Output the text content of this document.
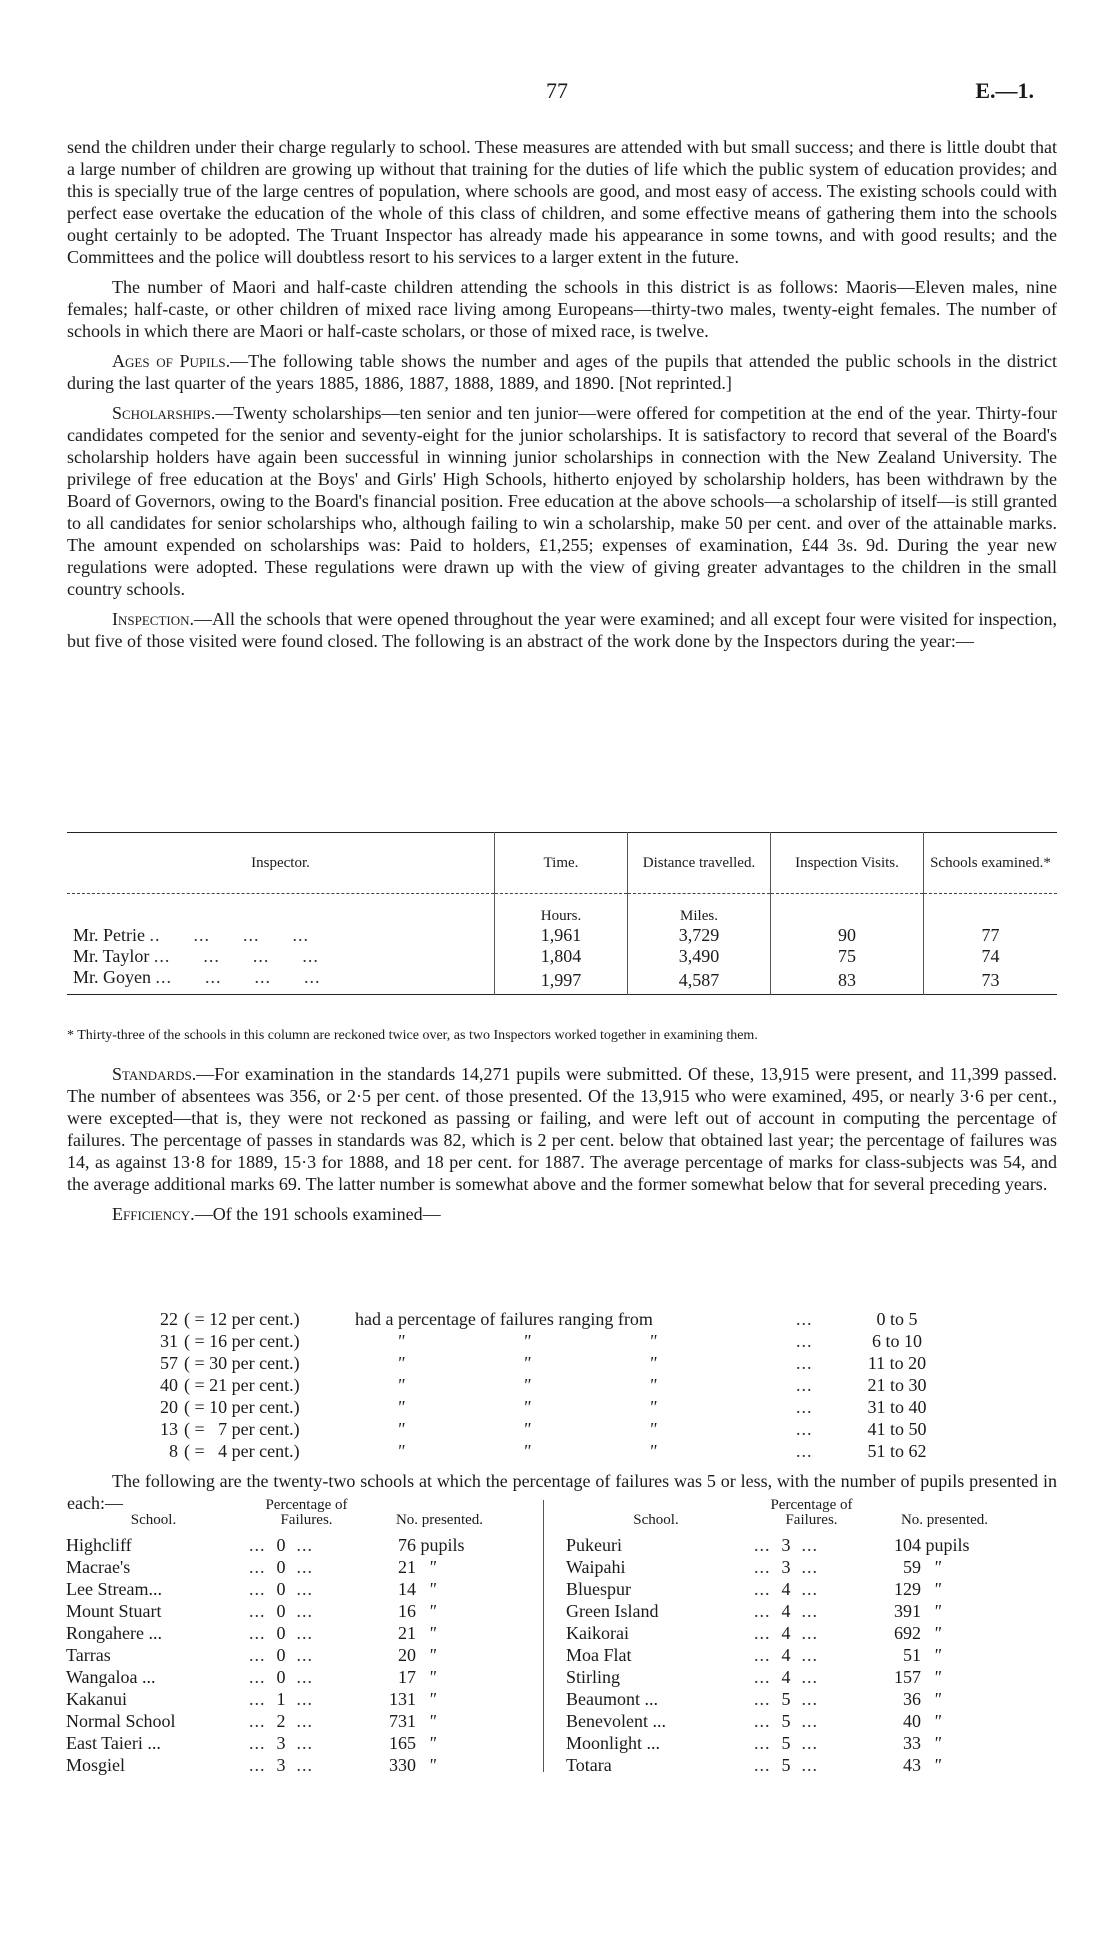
77	E.—1.

send the children under their charge regularly to school. These measures are attended with but small success; and there is little doubt that a large number of children are growing up without that training for the duties of life which the public system of education provides; and this is specially true of the large centres of population, where schools are good, and most easy of access. The existing schools could with perfect ease overtake the education of the whole of this class of children, and some effective means of gathering them into the schools ought certainly to be adopted. The Truant Inspector has already made his appearance in some towns, and with good results; and the Committees and the police will doubtless resort to his services to a larger extent in the future.

The number of Maori and half-caste children attending the schools in this district is as follows: Maoris—Eleven males, nine females; half-caste, or other children of mixed race living among Europeans—thirty-two males, twenty-eight females. The number of schools in which there are Maori or half-caste scholars, or those of mixed race, is twelve.

Ages of Pupils.—The following table shows the number and ages of the pupils that attended the public schools in the district during the last quarter of the years 1885, 1886, 1887, 1888, 1889, and 1890. [Not reprinted.]

Scholarships.—Twenty scholarships—ten senior and ten junior—were offered for competition at the end of the year. Thirty-four candidates competed for the senior and seventy-eight for the junior scholarships. It is satisfactory to record that several of the Board's scholarship holders have again been successful in winning junior scholarships in connection with the New Zealand University. The privilege of free education at the Boys' and Girls' High Schools, hitherto enjoyed by scholarship holders, has been withdrawn by the Board of Governors, owing to the Board's financial position. Free education at the above schools—a scholarship of itself—is still granted to all candidates for senior scholarships who, although failing to win a scholarship, make 50 per cent. and over of the attainable marks. The amount expended on scholarships was: Paid to holders, £1,255; expenses of examination, £44 3s. 9d. During the year new regulations were adopted. These regulations were drawn up with the view of giving greater advantages to the children in the small country schools.

Inspection.—All the schools that were opened throughout the year were examined; and all except four were visited for inspection, but five of those visited were found closed. The following is an abstract of the work done by the Inspectors during the year:—

Inspector.	Time.	Distance travelled.	Inspection Visits.	Schools examined.*
	Hours.	Miles.		
Mr. Petrie ..      ...      ...      ...	1,961	3,729	90	77
Mr. Taylor ...      ...      ...      ...	1,804	3,490	75	74
Mr. Goyen ...      ...      ...      ...	1,997	4,587	83	73
* Thirty-three of the schools in this column are reckoned twice over, as two Inspectors worked together in examining them.

Standards.—For examination in the standards 14,271 pupils were submitted. Of these, 13,915 were present, and 11,399 passed. The number of absentees was 356, or 2·5 per cent. of those presented. Of the 13,915 who were examined, 495, or nearly 3·6 per cent., were excepted—that is, they were not reckoned as passing or failing, and were left out of account in computing the percentage of failures. The percentage of passes in standards was 82, which is 2 per cent. below that obtained last year; the percentage of failures was 14, as against 13·8 for 1889, 15·3 for 1888, and 18 per cent. for 1887. The average percentage of marks for class-subjects was 54, and the average additional marks 69. The latter number is somewhat above and the former somewhat below that for several preceding years.

Efficiency.—Of the 191 schools examined—

22	( = 12 per cent.)	had a percentage of failures ranging from			...	0 to 5
31	( = 16 per cent.)	"	"	"	...	6 to 10
57	( = 30 per cent.)	"	"	"	...	11 to 20
40	( = 21 per cent.)	"	"	"	...	21 to 30
20	( = 10 per cent.)	"	"	"	...	31 to 40
13	( =   7 per cent.)	"	"	"	...	41 to 50
8	( =   4 per cent.)	"	"	"	...	51 to 62

The following are the twenty-two schools at which the percentage of failures was 5 or less, with the number of pupils presented in each:—

School.	Percentage of Failures.	No. presented.
Highcliff	...  0  ...	76 pupils
Macrae's	...  0  ...	21 "
Lee Stream...	...  0  ...	14 "
Mount Stuart	...  0  ...	16 "
Rongahere ...	...  0  ...	21 "
Tarras	...  0  ...	20 "
Wangaloa ...	...  0  ...	17 "
Kakanui	...  1  ...	131 "
Normal School	...  2  ...	731 "
East Taieri ...	...  3  ...	165 "
Mosgiel	...  3  ...	330 "
School.	Percentage of Failures.	No. presented.
Pukeuri	...  3  ...	104 pupils
Waipahi	...  3  ...	59 "
Bluespur	...  4  ...	129 "
Green Island	...  4  ...	391 "
Kaikorai	...  4  ...	692 "
Moa Flat	...  4  ...	51 "
Stirling	...  4  ...	157 "
Beaumont ...	...  5  ...	36 "
Benevolent ...	...  5  ...	40 "
Moonlight ...	...  5  ...	33 "
Totara	...  5  ...	43 "
